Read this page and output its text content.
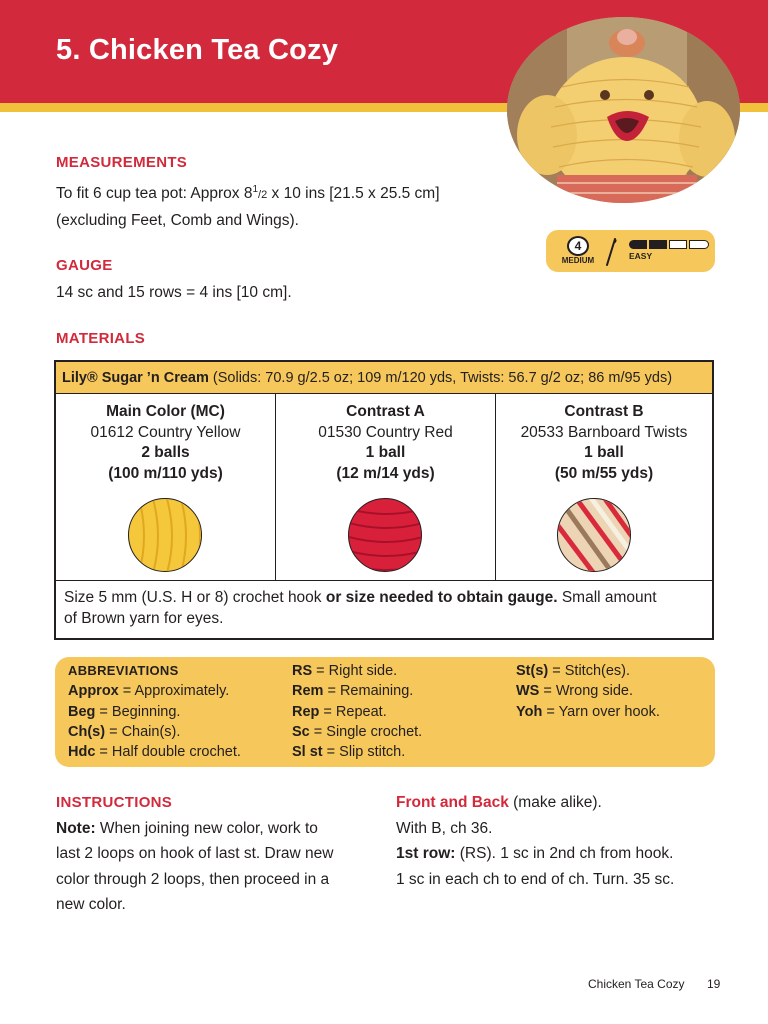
5. Chicken Tea Cozy
MEASUREMENTS
To fit 6 cup tea pot: Approx $8^1/2$ x 10 ins [21.5 x 25.5 cm]
(excluding Feet, Comb and Wings).
4
MEDIUM	EASY
GAUGE
14 sc and 15 rows = 4 ins [10 cm].
MATERIALS
Lily® Sugar ’n Cream (Solids: 70.9 g/2.5 oz; 109 m/120 yds, Twists: 56.7 g/2 oz; 86 m/95 yds)
Main Color (MC)
01612 Country Yellow
2 balls
(100 m/110 yds)
Contrast A
01530 Country Red
1 ball
(12 m/14 yds)
Contrast B
20533 Barnboard Twists
1 ball
(50 m/55 yds)
Size 5 mm (U.S. H or 8) crochet hook or size needed to obtain gauge. Small amount
of Brown yarn for eyes.
ABBREVIATIONS
Approx = Approximately.
Beg = Beginning.
Ch(s) = Chain(s).
Hdc = Half double crochet.
RS = Right side.
Rem = Remaining.
Rep = Repeat.
Sc = Single crochet.
Sl st = Slip stitch.
St(s) = Stitch(es).
WS = Wrong side.
Yoh = Yarn over hook.
INSTRUCTIONS
Note: When joining new color, work to
last 2 loops on hook of last st. Draw new
color through 2 loops, then proceed in a
new color.
Front and Back (make alike).
With B, ch 36.
1st row: (RS). 1 sc in 2nd ch from hook.
1 sc in each ch to end of ch. Turn. 35 sc.
Chicken Tea Cozy 19
